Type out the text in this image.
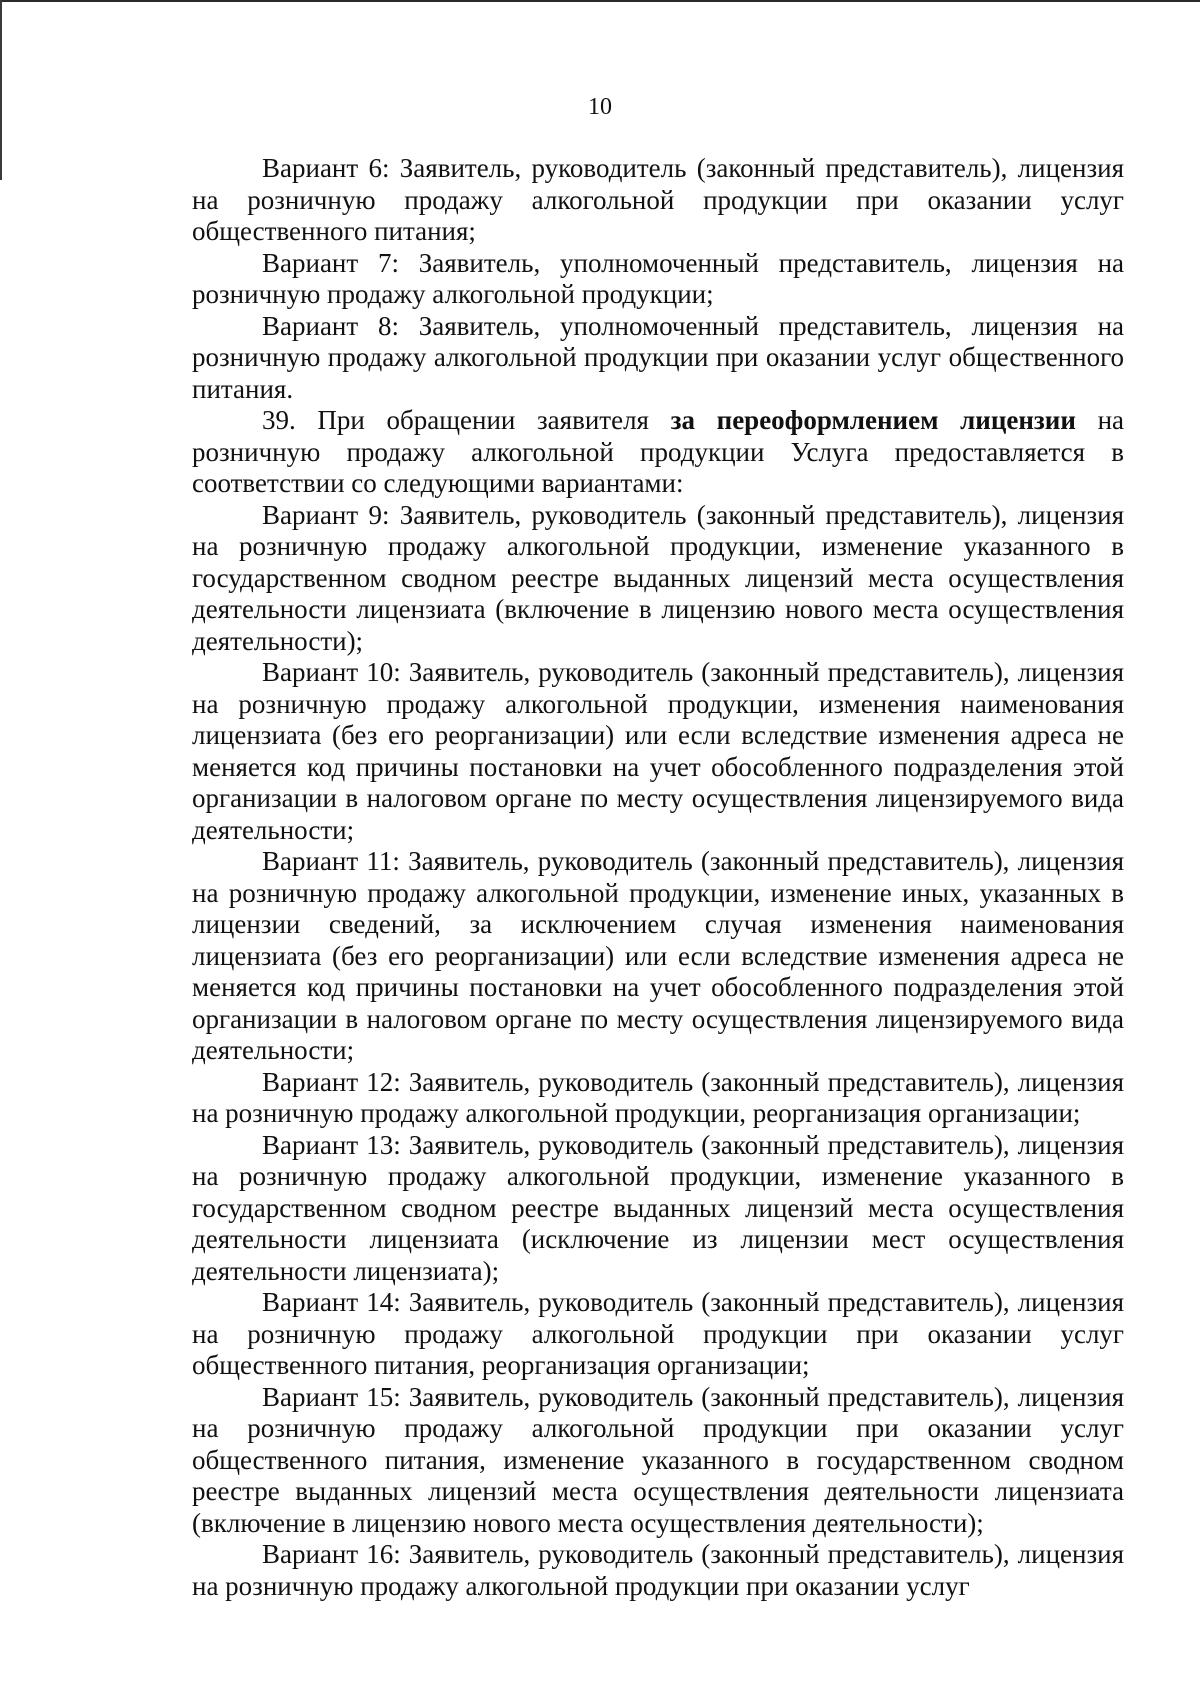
10

Вариант 6: Заявитель, руководитель (законный представитель), лицензия на розничную продажу алкогольной продукции при оказании услуг общественного питания;

Вариант 7: Заявитель, уполномоченный представитель, лицензия на розничную продажу алкогольной продукции;

Вариант 8: Заявитель, уполномоченный представитель, лицензия на розничную продажу алкогольной продукции при оказании услуг общественного питания.

39. При обращении заявителя за переоформлением лицензии на розничную продажу алкогольной продукции Услуга предоставляется в соответствии со следующими вариантами:

Вариант 9: Заявитель, руководитель (законный представитель), лицензия на розничную продажу алкогольной продукции, изменение указанного в государственном сводном реестре выданных лицензий места осуществления деятельности лицензиата (включение в лицензию нового места осуществления деятельности);

Вариант 10: Заявитель, руководитель (законный представитель), лицензия на розничную продажу алкогольной продукции, изменения наименования лицензиата (без его реорганизации) или если вследствие изменения адреса не меняется код причины постановки на учет обособленного подразделения этой организации в налоговом органе по месту осуществления лицензируемого вида деятельности;

Вариант 11: Заявитель, руководитель (законный представитель), лицензия на розничную продажу алкогольной продукции, изменение иных, указанных в лицензии сведений, за исключением случая изменения наименования лицензиата (без его реорганизации) или если вследствие изменения адреса не меняется код причины постановки на учет обособленного подразделения этой организации в налоговом органе по месту осуществления лицензируемого вида деятельности;

Вариант 12: Заявитель, руководитель (законный представитель), лицензия на розничную продажу алкогольной продукции, реорганизация организации;

Вариант 13: Заявитель, руководитель (законный представитель), лицензия на розничную продажу алкогольной продукции, изменение указанного в государственном сводном реестре выданных лицензий места осуществления деятельности лицензиата (исключение из лицензии мест осуществления деятельности лицензиата);

Вариант 14: Заявитель, руководитель (законный представитель), лицензия на розничную продажу алкогольной продукции при оказании услуг общественного питания, реорганизация организации;

Вариант 15: Заявитель, руководитель (законный представитель), лицензия на розничную продажу алкогольной продукции при оказании услуг общественного питания, изменение указанного в государственном сводном реестре выданных лицензий места осуществления деятельности лицензиата (включение в лицензию нового места осуществления деятельности);

Вариант 16: Заявитель, руководитель (законный представитель), лицензия на розничную продажу алкогольной продукции при оказании услуг
